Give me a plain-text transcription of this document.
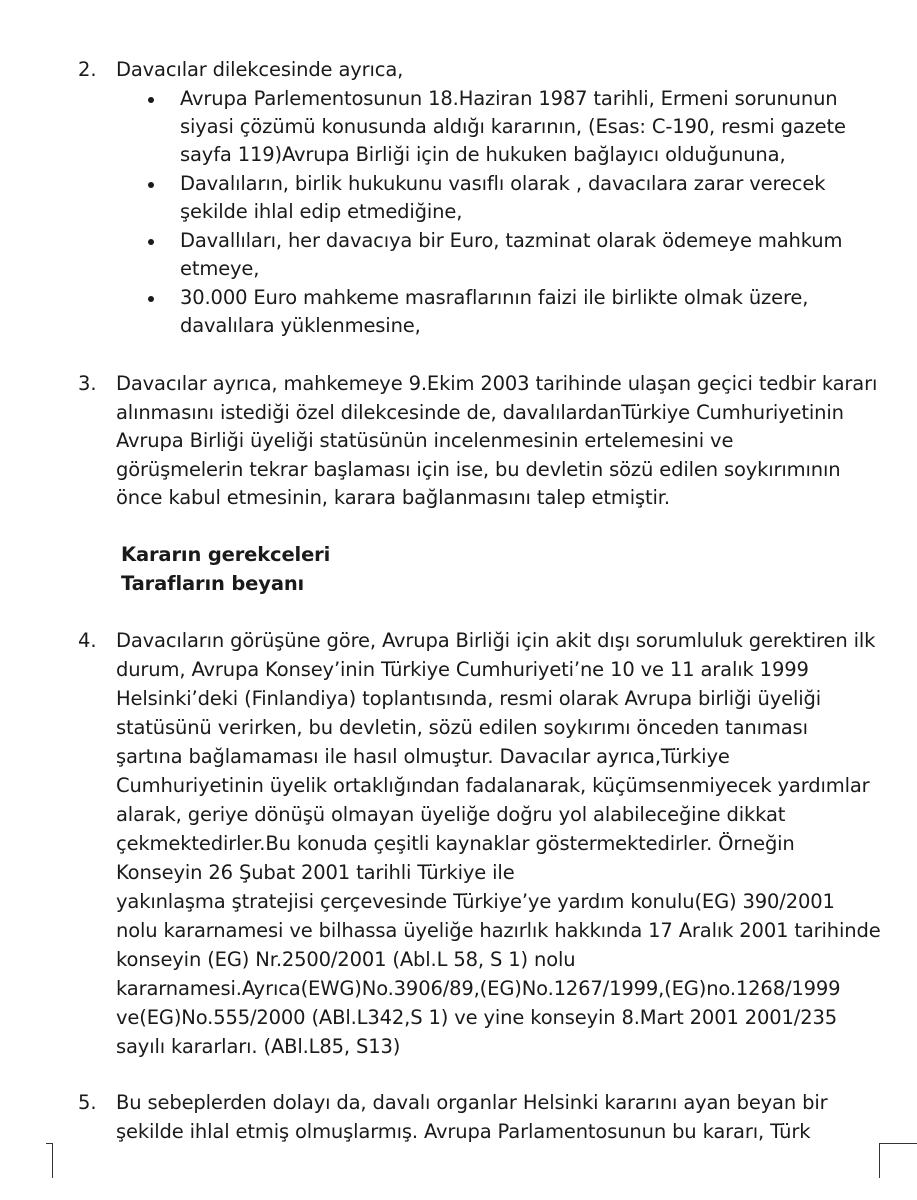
2. Davacılar dilekcesinde ayrıca,
Avrupa Parlementosunun 18.Haziran 1987 tarihli, Ermeni sorununun
siyasi çözümü konusunda aldığı kararının, (Esas: C-190, resmi gazete
sayfa 119)Avrupa Birliği için de hukuken bağlayıcı olduğununa,
Davalıların, birlik hukukunu vasıflı olarak , davacılara zarar verecek
şekilde ihlal edip etmediğine,
Davallıları, her davacıya bir Euro, tazminat olarak ödemeye mahkum
etmeye,
30.000 Euro mahkeme masraflarının faizi ile birlikte olmak üzere,
davalılara yüklenmesine,
3. Davacılar ayrıca, mahkemeye 9.Ekim 2003 tarihinde ulaşan geçici tedbir kararı
alınmasını istediği özel dilekcesinde de, davalılardanTürkiye Cumhuriyetinin
Avrupa Birliği üyeliği statüsünün incelenmesinin ertelemesini ve
görüşmelerin tekrar başlaması için ise, bu devletin sözü edilen soykırımının
önce kabul etmesinin, karara bağlanmasını talep etmiştir.
Kararın gerekceleri
Tarafların beyanı
4. Davacıların görüşüne göre, Avrupa Birliği için akit dışı sorumluluk gerektiren ilk
durum, Avrupa Konsey’inin Türkiye Cumhuriyeti’ne 10 ve 11 aralık 1999
Helsinki’deki (Finlandiya) toplantısında, resmi olarak Avrupa birliği üyeliği
statüsünü verirken, bu devletin, sözü edilen soykırımı önceden tanıması
şartına bağlamaması ile hasıl olmuştur. Davacılar ayrıca,Türkiye
Cumhuriyetinin üyelik ortaklığından fadalanarak, küçümsenmiyecek yardımlar
alarak, geriye dönüşü olmayan üyeliğe doğru yol alabileceğine dikkat
çekmektedirler.Bu konuda çeşitli kaynaklar göstermektedirler. Örneğin
Konseyin 26 Şubat 2001 tarihli Türkiye ile
yakınlaşma ştratejisi çerçevesinde Türkiye’ye yardım konulu(EG) 390/2001
nolu kararnamesi ve bilhassa üyeliğe hazırlık hakkında 17 Aralık 2001 tarihinde
konseyin (EG) Nr.2500/2001 (Abl.L 58, S 1) nolu
kararnamesi.Ayrıca(EWG)No.3906/89,(EG)No.1267/1999,(EG)no.1268/1999
ve(EG)No.555/2000 (ABl.L342,S 1) ve yine konseyin 8.Mart 2001 2001/235
sayılı kararları. (ABl.L85, S13)
5. Bu sebeplerden dolayı da, davalı organlar Helsinki kararını ayan beyan bir
şekilde ihlal etmiş olmuşlarmış. Avrupa Parlamentosunun bu kararı, Türk
